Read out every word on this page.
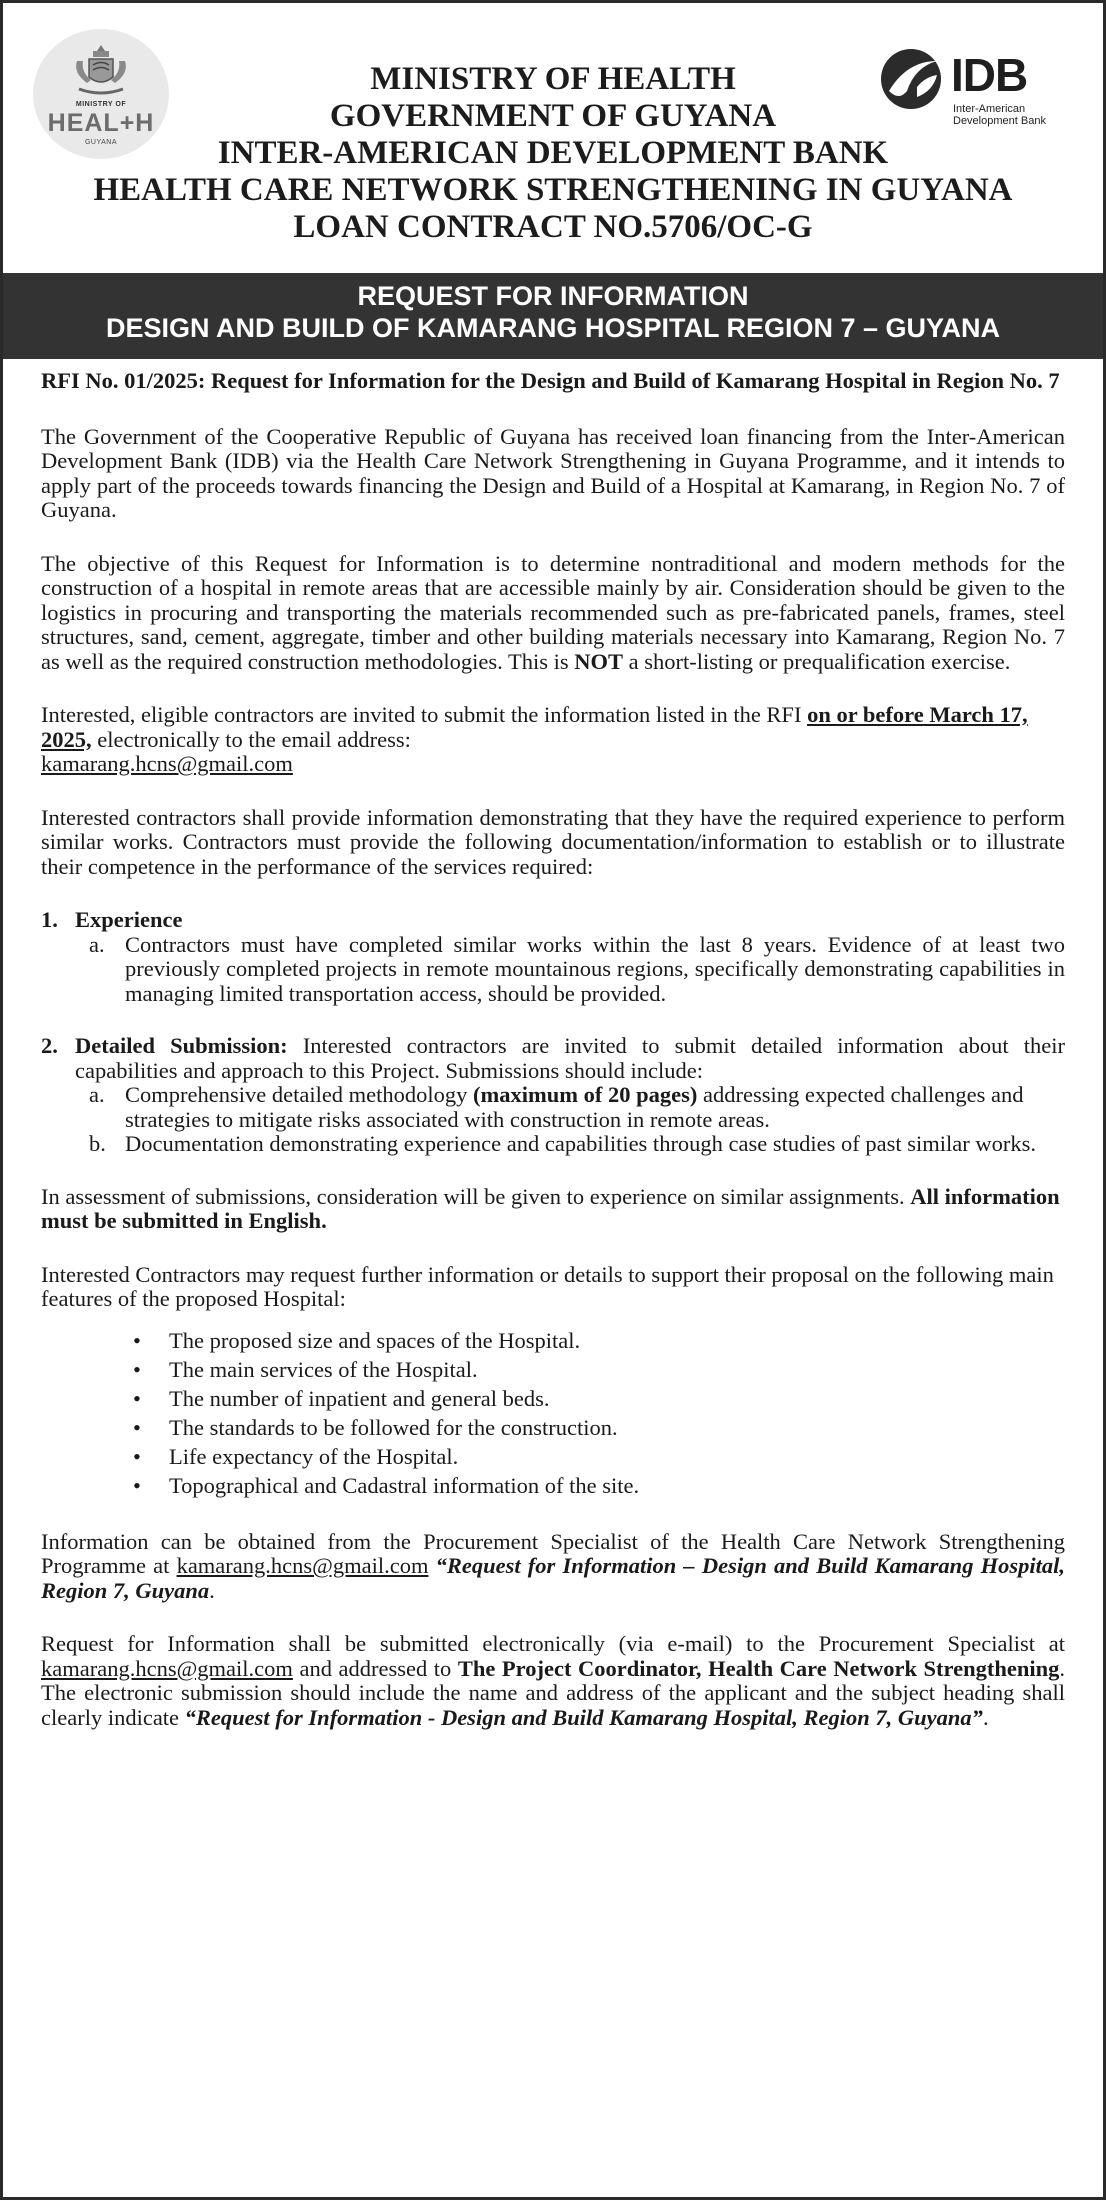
MINISTRY OF
HEAL+H
GUYANA
MINISTRY OF HEALTH
GOVERNMENT OF GUYANA
INTER-AMERICAN DEVELOPMENT BANK
HEALTH CARE NETWORK STRENGTHENING IN GUYANA
LOAN CONTRACT NO.5706/OC-G
IDB
Inter-American Development Bank
REQUEST FOR INFORMATION
DESIGN AND BUILD OF KAMARANG HOSPITAL REGION 7 – GUYANA

RFI No. 01/2025: Request for Information for the Design and Build of Kamarang Hospital in Region No. 7

The Government of the Cooperative Republic of Guyana has received loan financing from the Inter-American Development Bank (IDB) via the Health Care Network Strengthening in Guyana Programme, and it intends to apply part of the proceeds towards financing the Design and Build of a Hospital at Kamarang, in Region No. 7 of Guyana.

The objective of this Request for Information is to determine nontraditional and modern methods for the construction of a hospital in remote areas that are accessible mainly by air. Consideration should be given to the logistics in procuring and transporting the materials recommended such as pre-fabricated panels, frames, steel structures, sand, cement, aggregate, timber and other building materials necessary into Kamarang, Region No. 7 as well as the required construction methodologies. This is NOT a short-listing or prequalification exercise.

Interested, eligible contractors are invited to submit the information listed in the RFI on or before March 17, 2025, electronically to the email address:
kamarang.hcns@gmail.com

Interested contractors shall provide information demonstrating that they have the required experience to perform similar works. Contractors must provide the following documentation/information to establish or to illustrate their competence in the performance of the services required:

1. Experience
a. Contractors must have completed similar works within the last 8 years. Evidence of at least two previously completed projects in remote mountainous regions, specifically demonstrating capabilities in managing limited transportation access, should be provided.
2. Detailed Submission: Interested contractors are invited to submit detailed information about their capabilities and approach to this Project. Submissions should include:
a. Comprehensive detailed methodology (maximum of 20 pages) addressing expected challenges and strategies to mitigate risks associated with construction in remote areas.
b. Documentation demonstrating experience and capabilities through case studies of past similar works.

In assessment of submissions, consideration will be given to experience on similar assignments. All information must be submitted in English.

Interested Contractors may request further information or details to support their proposal on the following main features of the proposed Hospital:

•	The proposed size and spaces of the Hospital.
•	The main services of the Hospital.
•	The number of inpatient and general beds.
•	The standards to be followed for the construction.
•	Life expectancy of the Hospital.
•	Topographical and Cadastral information of the site.

Information can be obtained from the Procurement Specialist of the Health Care Network Strengthening Programme at kamarang.hcns@gmail.com “Request for Information – Design and Build Kamarang Hospital, Region 7, Guyana.

Request for Information shall be submitted electronically (via e-mail) to the Procurement Specialist at kamarang.hcns@gmail.com and addressed to The Project Coordinator, Health Care Network Strengthening. The electronic submission should include the name and address of the applicant and the subject heading shall clearly indicate “Request for Information - Design and Build Kamarang Hospital, Region 7, Guyana”.
